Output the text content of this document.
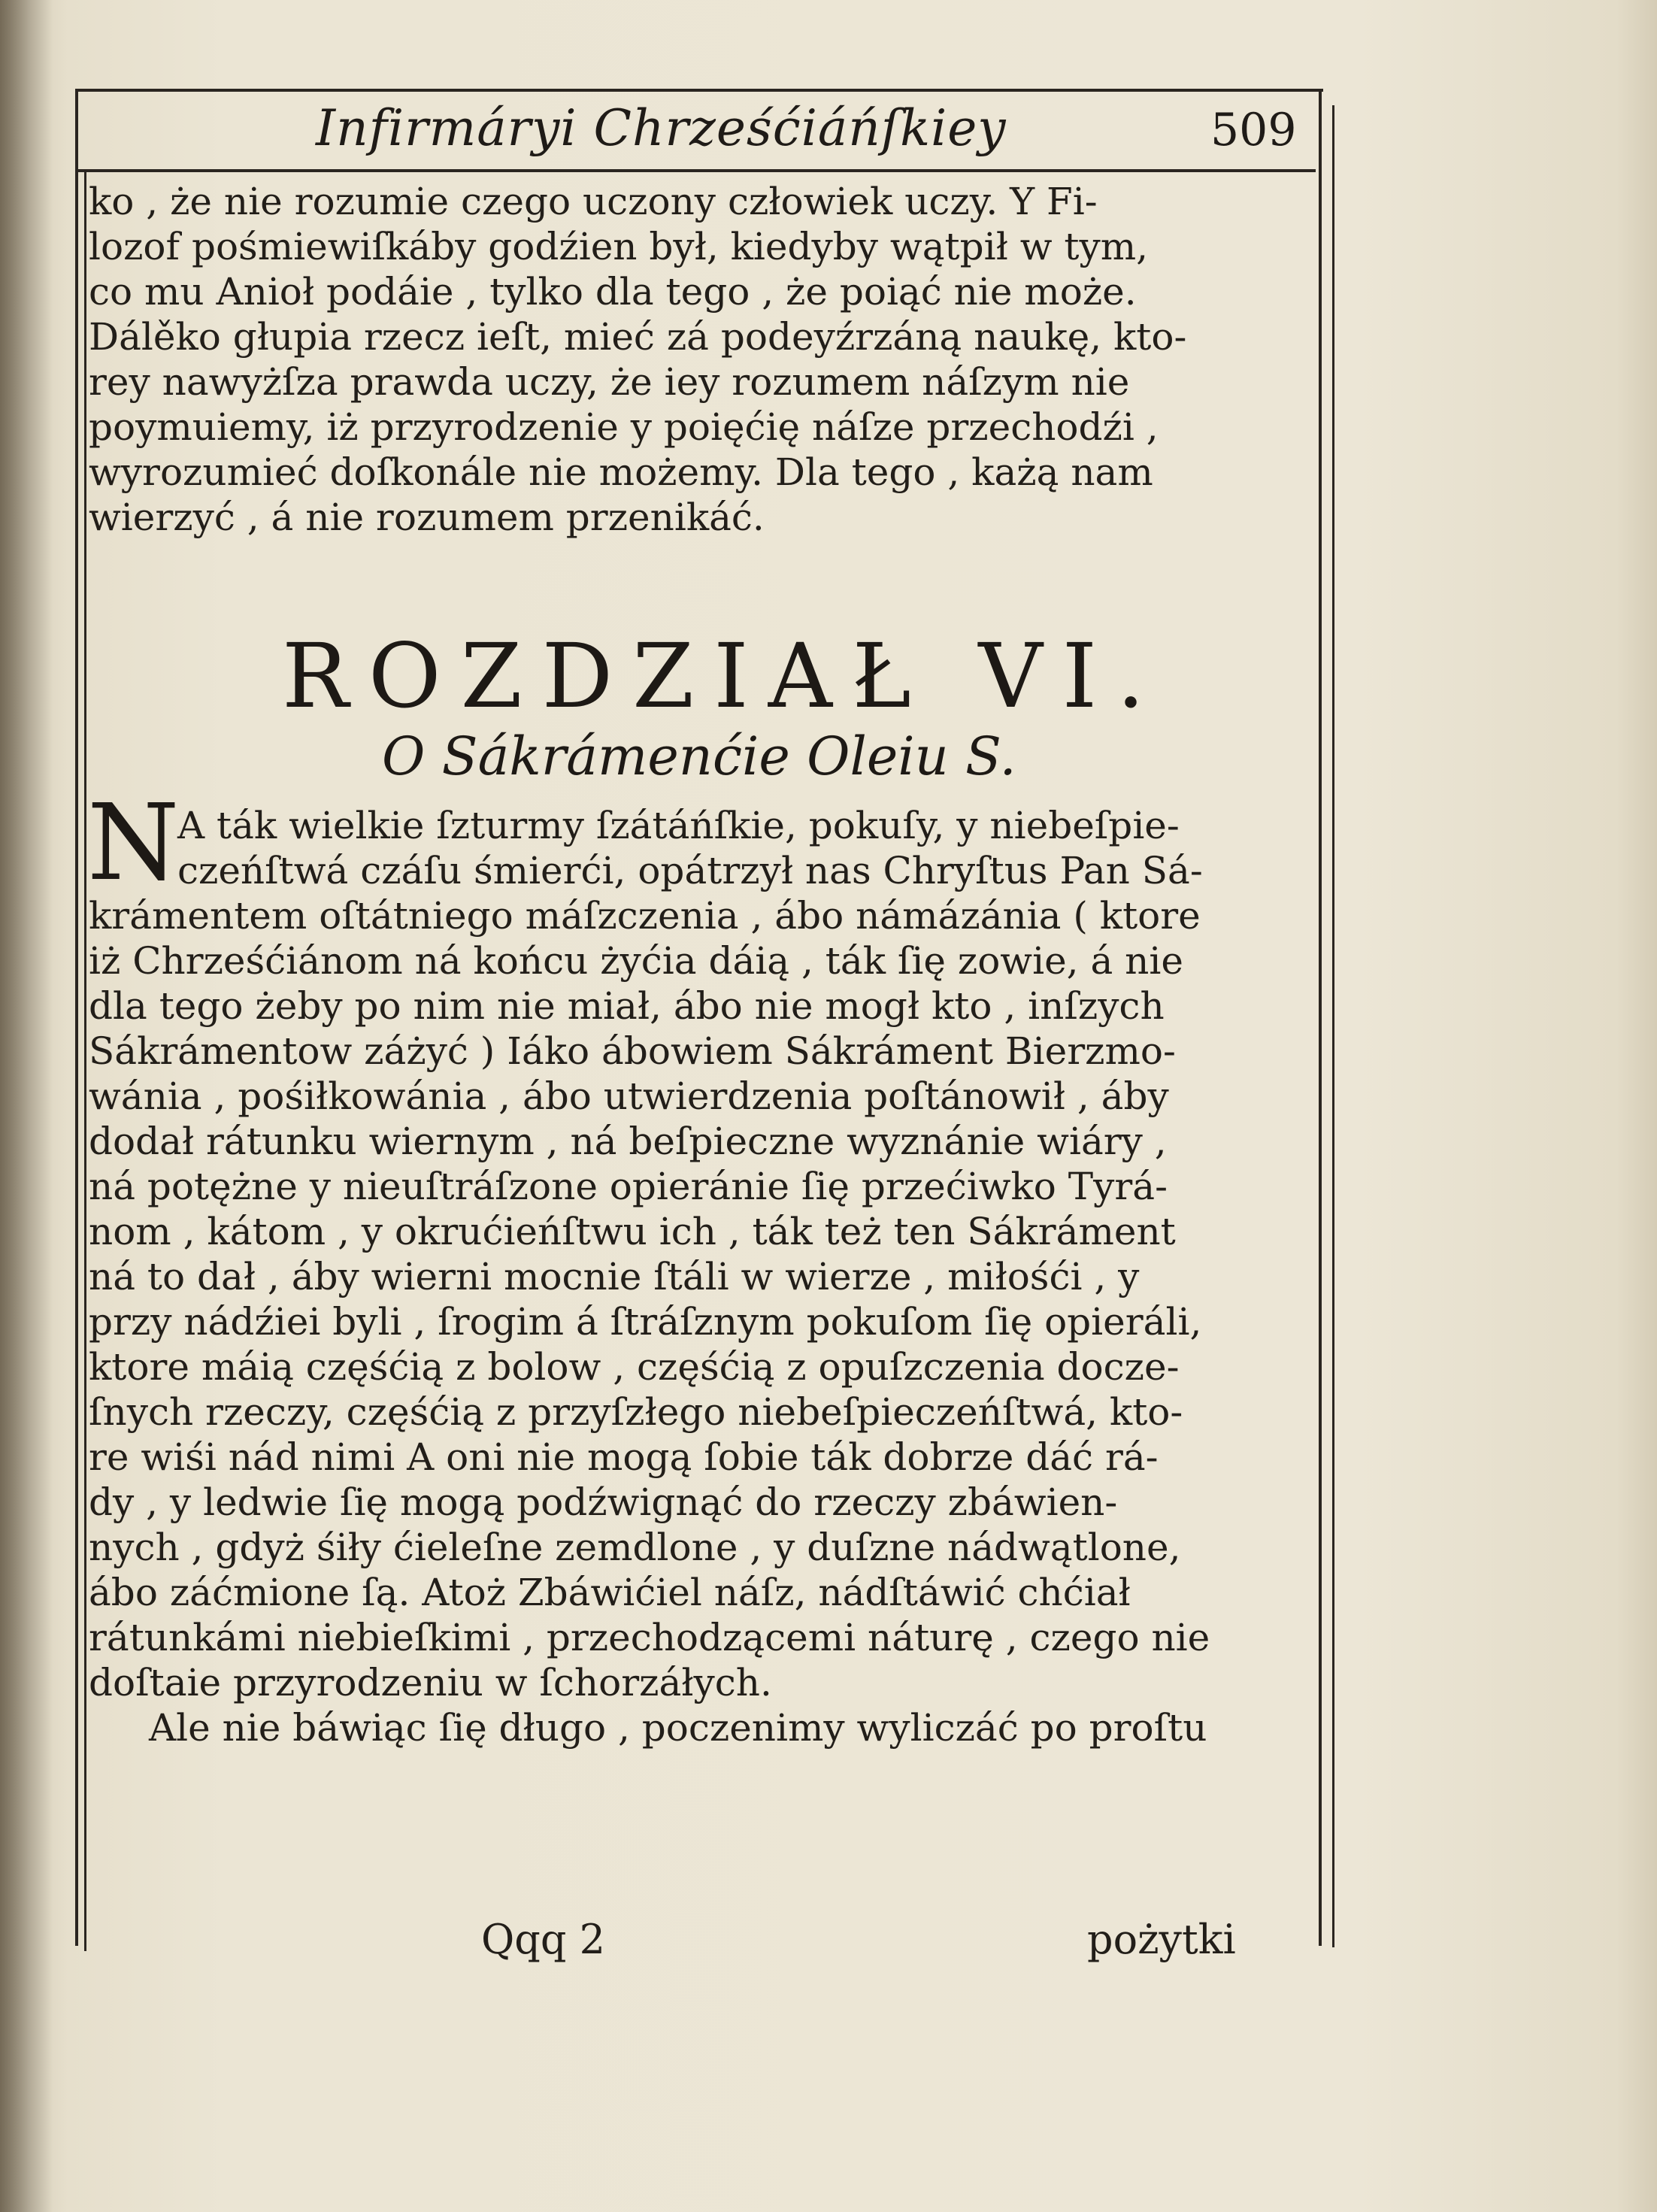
Infirmáryi Chrześćiáńſkiey	509
ko , że nie rozumie czego uczony człowiek uczy. Y Fi-
lozof pośmiewiſkáby godźien był, kiedyby wątpił w tym,
co mu Anioł podáie , tylko dla tego , że poiąć nie może.
Dálěko głupia rzecz ieſt, mieć zá podeyźrzáną naukę, kto-
rey nawyżſza prawda uczy, że iey rozumem náſzym nie
poymuiemy, iż przyrodzenie y poięćię náſze przechodźi ,
wyrozumieć doſkonále nie możemy. Dla tego , każą nam
wierzyć , á nie rozumem przenikáć.
ROZDZIAŁ VI.
O Sákrámenćie Oleiu S.
N
A ták wielkie ſzturmy ſzátáńſkie, pokuſy, y niebeſpie-
czeńſtwá czáſu śmierći, opátrzył nas Chryſtus Pan Sá-
krámentem oſtátniego máſzczenia , ábo námázánia ( ktore
iż Chrześćiánom ná końcu żyćia dáią , ták ſię zowie, á nie
dla tego żeby po nim nie miał, ábo nie mogł kto , inſzych
Sákrámentow záżyć ) Iáko ábowiem Sákráment Bierzmo-
wánia , pośiłkowánia , ábo utwierdzenia poſtánowił , áby
dodał rátunku wiernym , ná beſpieczne wyznánie wiáry ,
ná potężne y nieuſtráſzone opieránie ſię przećiwko Tyrá-
nom , kátom , y okrućieńſtwu ich , ták też ten Sákráment
ná to dał , áby wierni mocnie ſtáli w wierze , miłośći , y
przy nádźiei byli , ſrogim á ſtráſznym pokuſom ſię opieráli,
ktore máią częśćią z bolow , częśćią z opuſzczenia docze-
ſnych rzeczy, częśćią z przyſzłego niebeſpieczeńſtwá, kto-
re wiśi nád nimi A oni nie mogą ſobie ták dobrze dáć rá-
dy , y ledwie ſię mogą podźwignąć do rzeczy zbáwien-
nych , gdyż śiły ćieleſne zemdlone , y duſzne nádwątlone,
ábo záćmione ſą. Atoż Zbáwićiel náſz, nádſtáwić chćiał
rátunkámi niebieſkimi , przechodzącemi náturę , czego nie
doſtaie przyrodzeniu w ſchorzáłych.
Ale nie báwiąc ſię długo , poczenimy wyliczáć po proſtu
Qqq 2	pożytki
